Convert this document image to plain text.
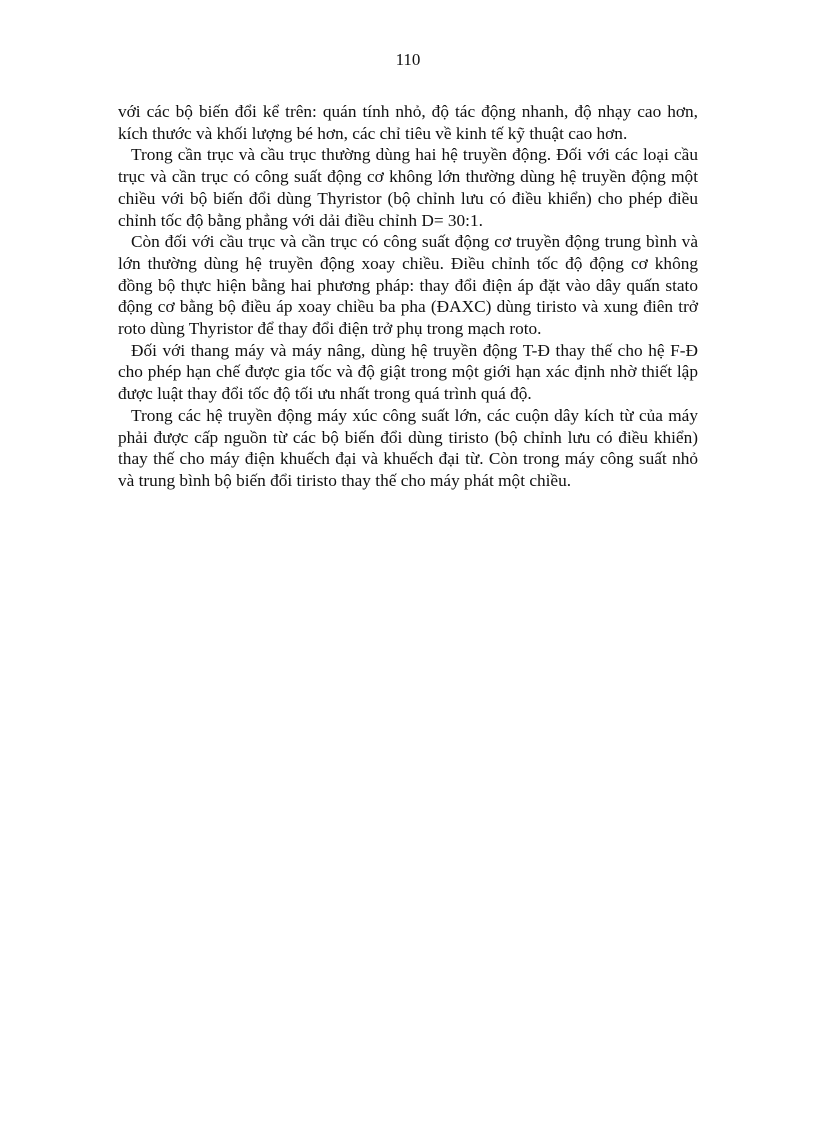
110

với các bộ biến đổi kể trên: quán tính nhỏ, độ tác động nhanh, độ nhạy cao hơn, kích thước và khối lượng bé hơn, các chỉ tiêu về kinh tế kỹ thuật cao hơn.

Trong cần trục và cầu trục thường dùng hai hệ truyền động. Đối với các loại cầu trục và cần trục có công suất động cơ không lớn thường dùng hệ truyền động một chiều với bộ biến đổi dùng Thyristor (bộ chỉnh lưu có điều khiển) cho phép điều chỉnh tốc độ bằng phẳng với dải điều chỉnh D= 30:1.

Còn đối với cầu trục và cần trục có công suất động cơ truyền động trung bình và lớn thường dùng hệ truyền động xoay chiều. Điều chỉnh tốc độ động cơ không đồng bộ thực hiện bằng hai phương pháp: thay đổi điện áp đặt vào dây quấn stato động cơ bằng bộ điều áp xoay chiều ba pha (ĐAXC) dùng tiristo và xung điên trở roto dùng Thyristor để thay đổi điện trở phụ trong mạch roto.

Đối với thang máy và máy nâng, dùng hệ truyền động T-Đ thay thế cho hệ F-Đ cho phép hạn chế được gia tốc và độ giật trong một giới hạn xác định nhờ thiết lập được luật thay đổi tốc độ tối ưu nhất trong quá trình quá độ.

Trong các hệ truyền động máy xúc công suất lớn, các cuộn dây kích từ của máy phải được cấp nguồn từ các bộ biến đổi dùng tiristo (bộ chỉnh lưu có điều khiển) thay thế cho máy điện khuếch đại và khuếch đại từ. Còn trong máy công suất nhỏ và trung bình bộ biến đổi tiristo thay thế cho máy phát một chiều.
